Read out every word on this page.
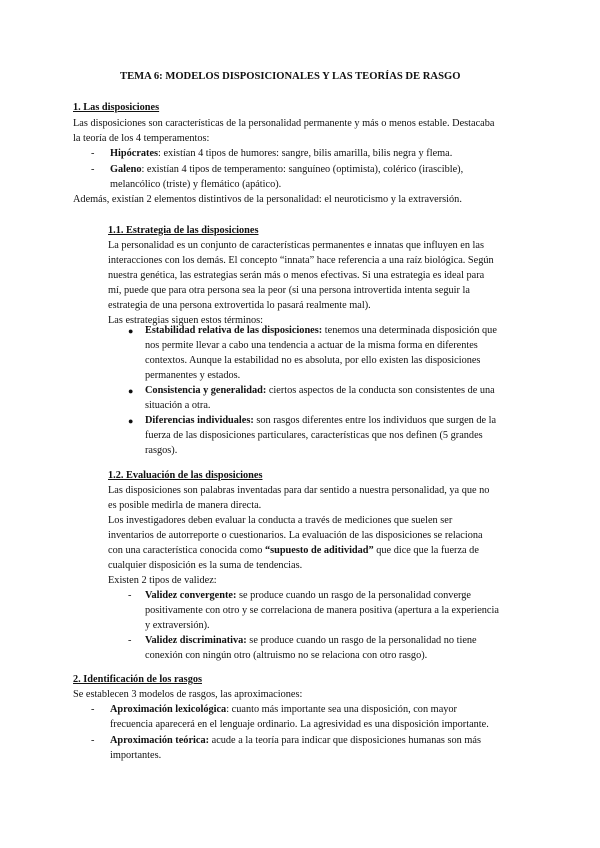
TEMA 6: MODELOS DISPOSICIONALES Y LAS TEORÍAS DE RASGO
1. Las disposiciones
Las disposiciones son características de la personalidad permanente y más o menos estable. Destacaba
la teoría de los 4 temperamentos:
- Hipócrates: existían 4 tipos de humores: sangre, bilis amarilla, bilis negra y flema.
- Galeno: existían 4 tipos de temperamento: sanguíneo (optimista), colérico (irascible),
melancólico (triste) y flemático (apático).
Además, existían 2 elementos distintivos de la personalidad: el neuroticismo y la extraversión.
1.1. Estrategia de las disposiciones
La personalidad es un conjunto de características permanentes e innatas que influyen en las
interacciones con los demás. El concepto “innata” hace referencia a una raíz biológica. Según
nuestra genética, las estrategias serán más o menos efectivas. Si una estrategia es ideal para
mí, puede que para otra persona sea la peor (si una persona introvertida intenta seguir la
estrategia de una persona extrovertida lo pasará realmente mal).
Las estrategias siguen estos términos:
● Estabilidad relativa de las disposiciones: tenemos una determinada disposición que
nos permite llevar a cabo una tendencia a actuar de la misma forma en diferentes
contextos. Aunque la estabilidad no es absoluta, por ello existen las disposiciones
permanentes y estados.
● Consistencia y generalidad: ciertos aspectos de la conducta son consistentes de una
situación a otra.
● Diferencias individuales: son rasgos diferentes entre los individuos que surgen de la
fuerza de las disposiciones particulares, características que nos definen (5 grandes
rasgos).
1.2. Evaluación de las disposiciones
Las disposiciones son palabras inventadas para dar sentido a nuestra personalidad, ya que no
es posible medirla de manera directa.
Los investigadores deben evaluar la conducta a través de mediciones que suelen ser
inventarios de autorreporte o cuestionarios. La evaluación de las disposiciones se relaciona
con una característica conocida como “supuesto de aditividad” que dice que la fuerza de
cualquier disposición es la suma de tendencias.
Existen 2 tipos de validez:
- Validez convergente: se produce cuando un rasgo de la personalidad converge
positivamente con otro y se correlaciona de manera positiva (apertura a la experiencia
y extraversión).
- Validez discriminativa: se produce cuando un rasgo de la personalidad no tiene
conexión con ningún otro (altruismo no se relaciona con otro rasgo).
2. Identificación de los rasgos
Se establecen 3 modelos de rasgos, las aproximaciones:
- Aproximación lexicológica: cuanto más importante sea una disposición, con mayor
frecuencia aparecerá en el lenguaje ordinario. La agresividad es una disposición importante.
- Aproximación teórica: acude a la teoría para indicar que disposiciones humanas son más
importantes.
